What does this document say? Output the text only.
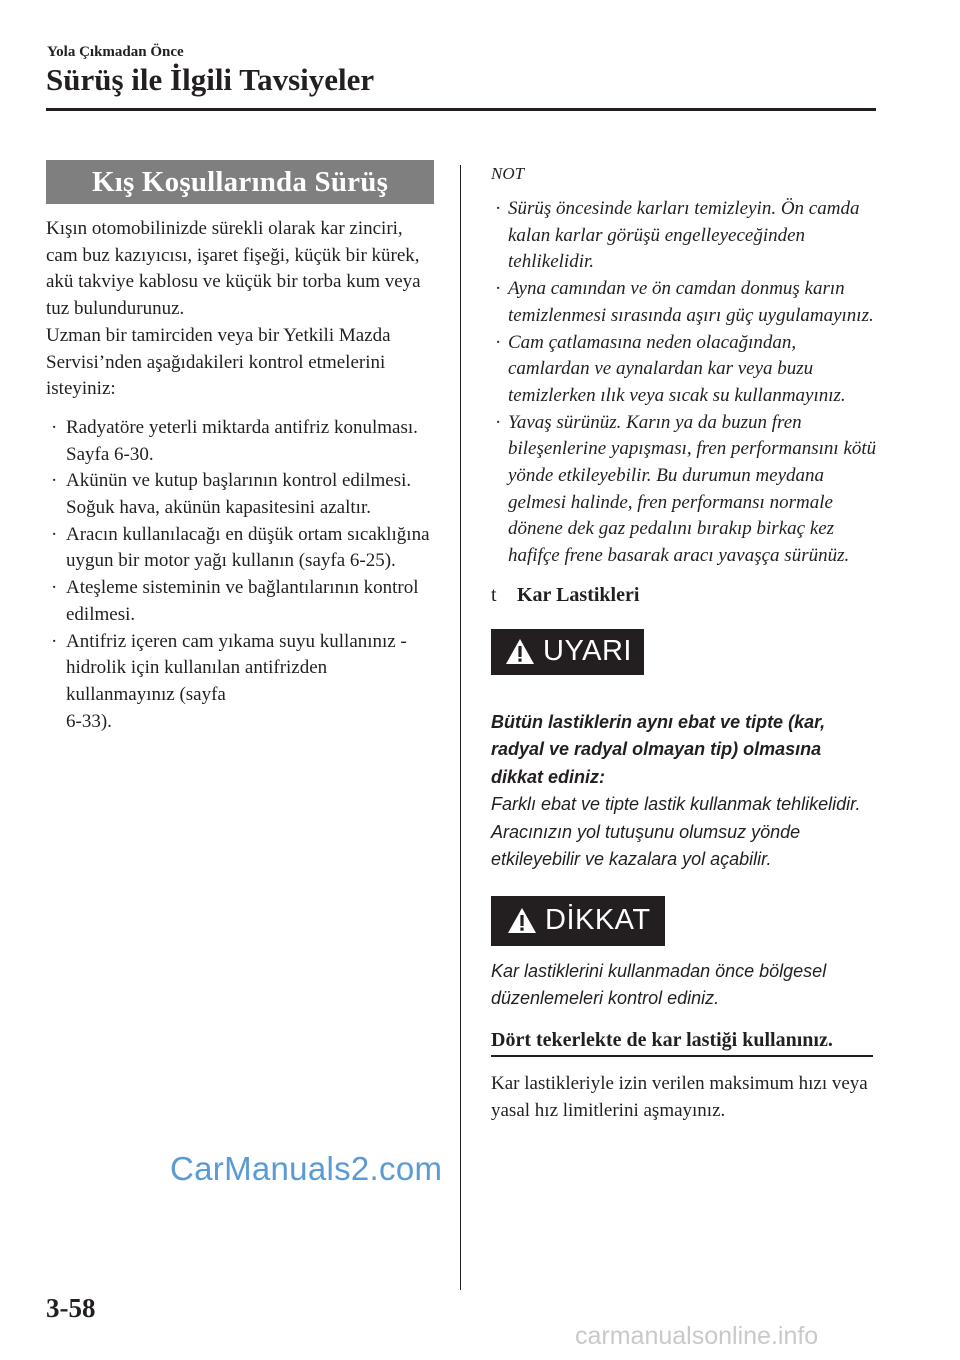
Yola Çıkmadan Önce
Sürüş ile İlgili Tavsiyeler
Kış Koşullarında Sürüş

Kışın otomobilinizde sürekli olarak kar zinciri, cam buz kazıyıcısı, işaret fişeği, küçük bir kürek, akü takviye kablosu ve küçük bir torba kum veya tuz bulundurunuz.

Uzman bir tamirciden veya bir Yetkili Mazda Servisi’nden aşağıdakileri kontrol etmelerini isteyiniz:

· Radyatöre yeterli miktarda antifriz konulması.
Sayfa 6-30.
· Akünün ve kutup başlarının kontrol edilmesi. Soğuk hava, akünün kapasitesini azaltır.
· Aracın kullanılacağı en düşük ortam sıcaklığına uygun bir motor yağı kullanın (sayfa 6-25).
· Ateşleme sisteminin ve bağlantılarının kontrol edilmesi.
· Antifriz içeren cam yıkama suyu kullanınız - hidrolik için kullanılan antifrizden kullanmayınız (sayfa
6-33).

NOT

· Sürüş öncesinde karları temizleyin. Ön camda kalan karlar görüşü engelleyeceğinden tehlikelidir.
· Ayna camından ve ön camdan donmuş karın temizlenmesi sırasında aşırı güç uygulamayınız.
· Cam çatlamasına neden olacağından, camlardan ve aynalardan kar veya buzu temizlerken ılık veya sıcak su kullanmayınız.
· Yavaş sürünüz. Karın ya da buzun fren bileşenlerine yapışması, fren performansını kötü yönde etkileyebilir. Bu durumun meydana gelmesi halinde, fren performansı normale dönene dek gaz pedalını bırakıp birkaç kez hafifçe frene basarak aracı yavaşça sürünüz.
t	Kar Lastikleri
UYARI
Bütün lastiklerin aynı ebat ve tipte (kar, radyal ve radyal olmayan tip) olmasına dikkat ediniz:
Farklı ebat ve tipte lastik kullanmak tehlikelidir. Aracınızın yol tutuşunu olumsuz yönde etkileyebilir ve kazalara yol açabilir.
DİKKAT
Kar lastiklerini kullanmadan önce bölgesel düzenlemeleri kontrol ediniz.
Dört tekerlekte de kar lastiği kullanınız.
Kar lastikleriyle izin verilen maksimum hızı veya yasal hız limitlerini aşmayınız.
CarManuals2.com
3-58
carmanualsonline.info
